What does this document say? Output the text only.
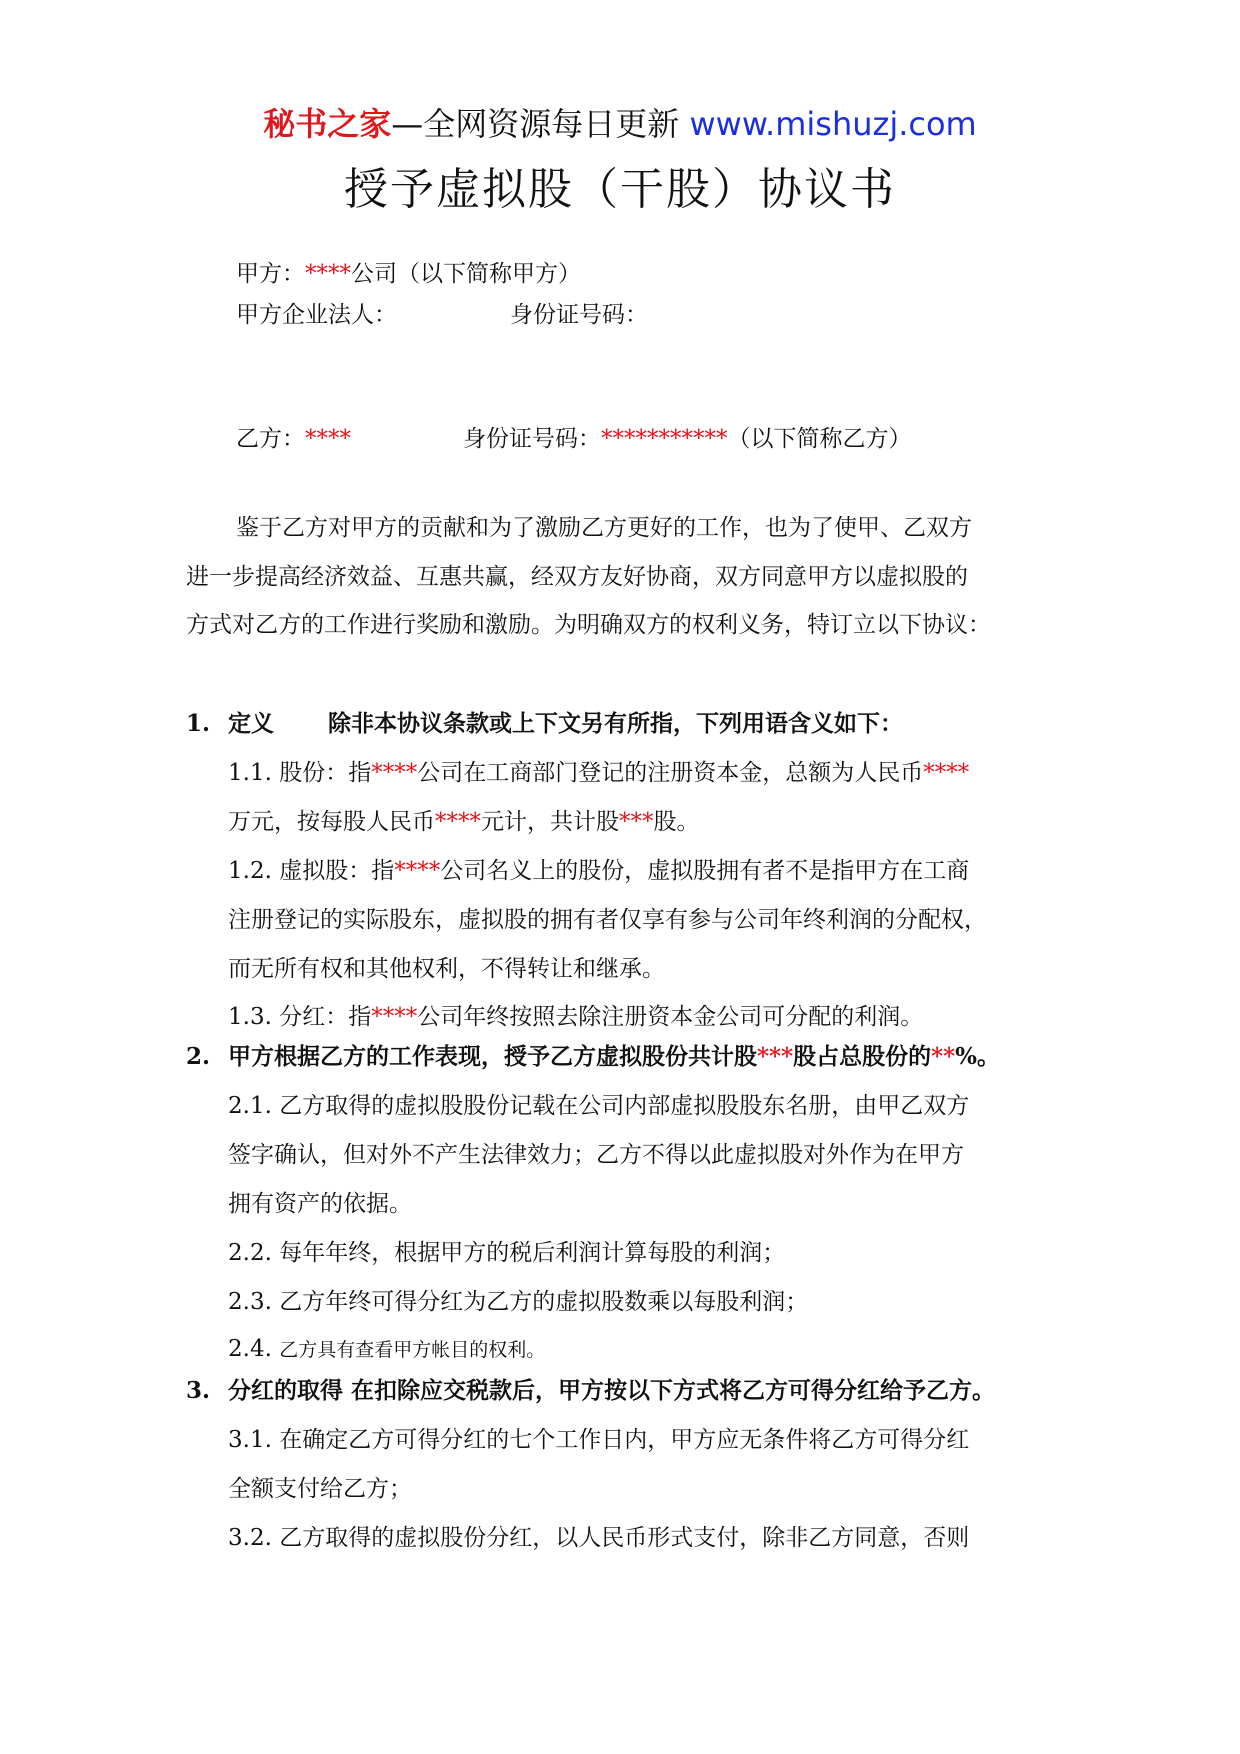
秘书之家—全网资源每日更新 www.mishuzj.com
授予虚拟股（干股）协议书
甲方：****公司（以下简称甲方）
甲方企业法人：	身份证号码：
乙方：****	身份证号码：***********（以下简称乙方）
鉴于乙方对甲方的贡献和为了激励乙方更好的工作，也为了使甲、乙双方
进一步提高经济效益、互惠共赢，经双方友好协商，双方同意甲方以虚拟股的
方式对乙方的工作进行奖励和激励。为明确双方的权利义务，特订立以下协议：
1. 定义 除非本协议条款或上下文另有所指，下列用语含义如下：
1.1. 股份：指****公司在工商部门登记的注册资本金，总额为人民币****
万元，按每股人民币****元计，共计股***股。
1.2. 虚拟股：指****公司名义上的股份，虚拟股拥有者不是指甲方在工商
注册登记的实际股东，虚拟股的拥有者仅享有参与公司年终利润的分配权，
而无所有权和其他权利，不得转让和继承。
1.3. 分红：指****公司年终按照去除注册资本金公司可分配的利润。
2. 甲方根据乙方的工作表现，授予乙方虚拟股份共计股***股占总股份的**%。
2.1. 乙方取得的虚拟股股份记载在公司内部虚拟股股东名册，由甲乙双方
签字确认，但对外不产生法律效力；乙方不得以此虚拟股对外作为在甲方
拥有资产的依据。
2.2. 每年年终，根据甲方的税后利润计算每股的利润；
2.3. 乙方年终可得分红为乙方的虚拟股数乘以每股利润；
2.4. 乙方具有查看甲方帐目的权利。
3. 分红的取得 在扣除应交税款后，甲方按以下方式将乙方可得分红给予乙方。
3.1. 在确定乙方可得分红的七个工作日内，甲方应无条件将乙方可得分红
全额支付给乙方；
3.2. 乙方取得的虚拟股份分红，以人民币形式支付，除非乙方同意，否则
